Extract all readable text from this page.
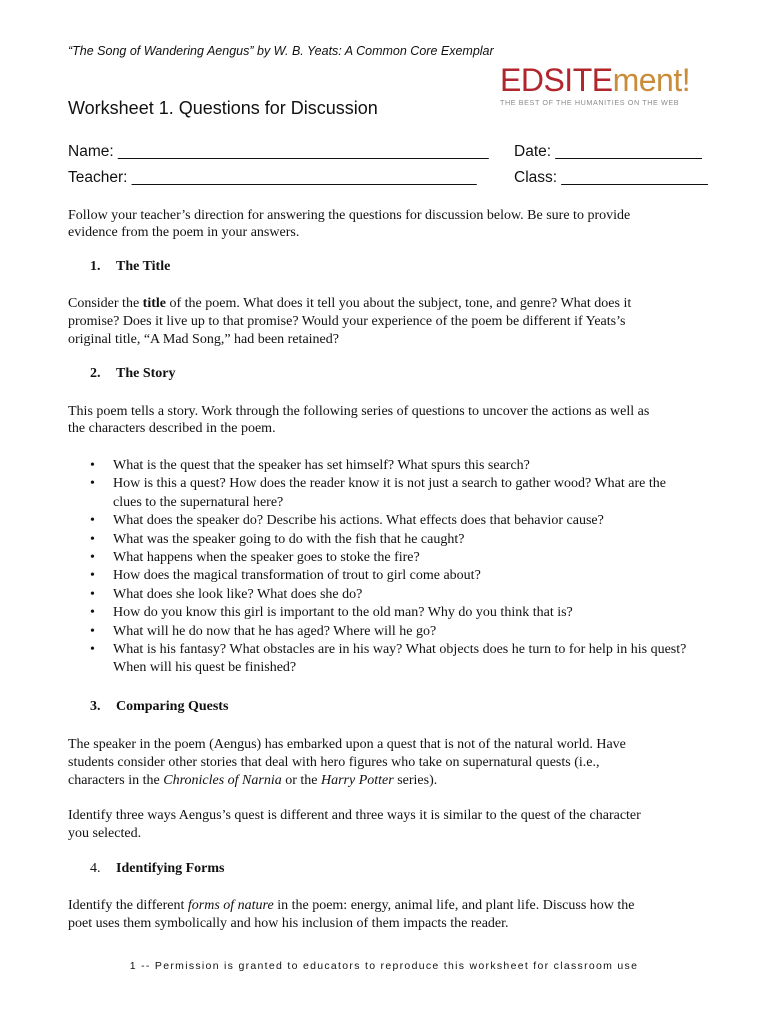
“The Song of Wandering Aengus” by W. B. Yeats: A Common Core Exemplar
EDSITEment!
THE BEST OF THE HUMANITIES ON THE WEB
Worksheet 1. Questions for Discussion
Name: ___________________________________________ Date: _________________
Teacher: ________________________________________ Class: _________________
Follow your teacher’s direction for answering the questions for discussion below. Be sure to provide
evidence from the poem in your answers.
1. The Title
Consider the title of the poem. What does it tell you about the subject, tone, and genre? What does it
promise? Does it live up to that promise? Would your experience of the poem be different if Yeats’s
original title, “A Mad Song,” had been retained?
2. The Story
This poem tells a story. Work through the following series of questions to uncover the actions as well as
the characters described in the poem.
• What is the quest that the speaker has set himself? What spurs this search?
• How is this a quest? How does the reader know it is not just a search to gather wood? What are the clues to the supernatural here?
• What does the speaker do? Describe his actions. What effects does that behavior cause?
• What was the speaker going to do with the fish that he caught?
• What happens when the speaker goes to stoke the fire?
• How does the magical transformation of trout to girl come about?
• What does she look like? What does she do?
• How do you know this girl is important to the old man? Why do you think that is?
• What will he do now that he has aged? Where will he go?
• What is his fantasy? What obstacles are in his way? What objects does he turn to for help in his quest? When will his quest be finished?
3. Comparing Quests
The speaker in the poem (Aengus) has embarked upon a quest that is not of the natural world. Have
students consider other stories that deal with hero figures who take on supernatural quests (i.e.,
characters in the Chronicles of Narnia or the Harry Potter series).
Identify three ways Aengus’s quest is different and three ways it is similar to the quest of the character
you selected.
4. Identifying Forms
Identify the different forms of nature in the poem: energy, animal life, and plant life. Discuss how the
poet uses them symbolically and how his inclusion of them impacts the reader.
1 -- Permission is granted to educators to reproduce this worksheet for classroom use
